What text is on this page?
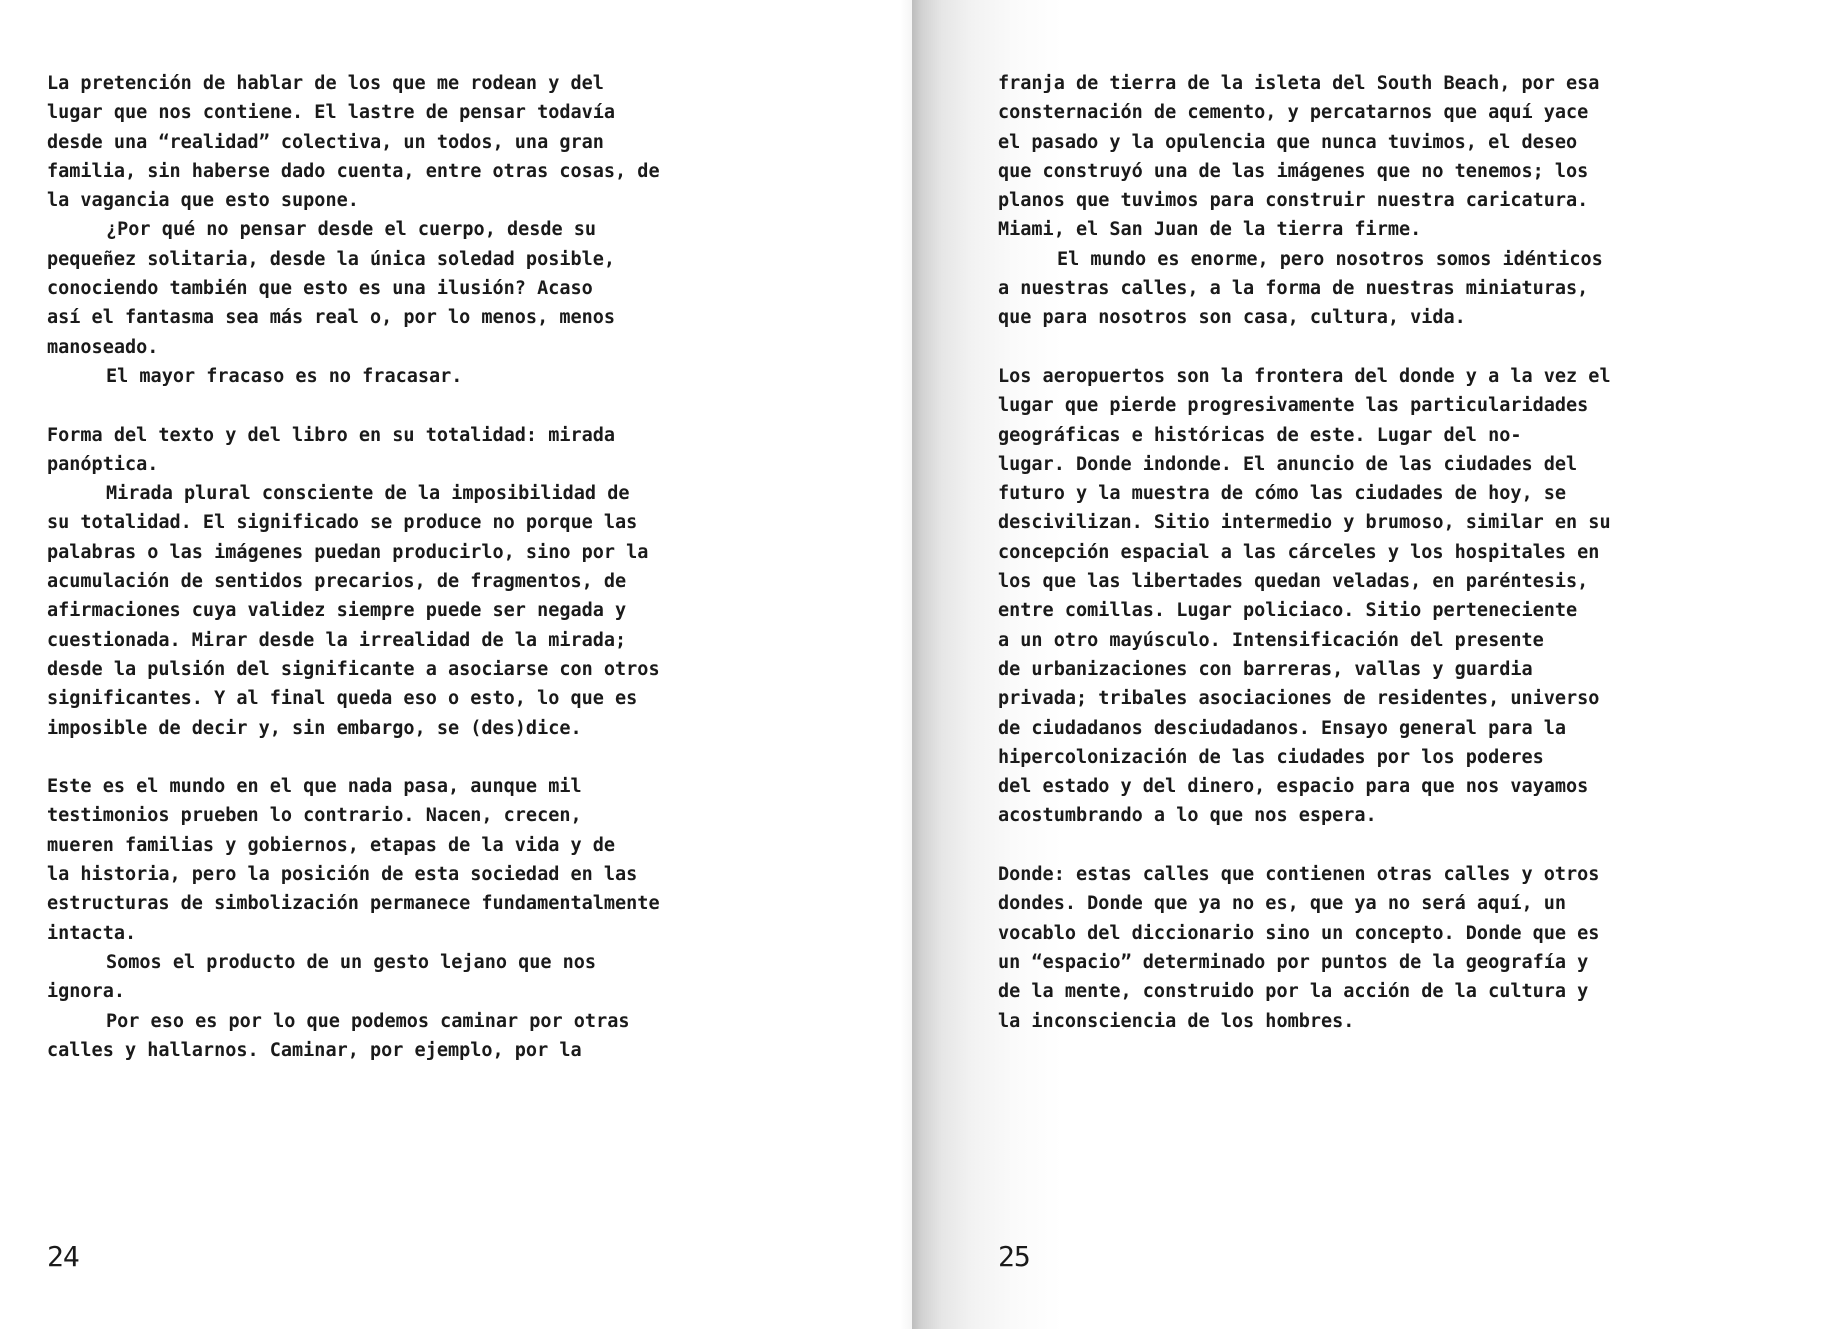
La pretención de hablar de los que me rodean y del
lugar que nos contiene. El lastre de pensar todavía
desde una “realidad” colectiva, un todos, una gran
familia, sin haberse dado cuenta, entre otras cosas, de
la vagancia que esto supone.
¿Por qué no pensar desde el cuerpo, desde su
pequeñez solitaria, desde la única soledad posible,
conociendo también que esto es una ilusión? Acaso
así el fantasma sea más real o, por lo menos, menos
manoseado.
El mayor fracaso es no fracasar.
Forma del texto y del libro en su totalidad: mirada
panóptica.
Mirada plural consciente de la imposibilidad de
su totalidad. El significado se produce no porque las
palabras o las imágenes puedan producirlo, sino por la
acumulación de sentidos precarios, de fragmentos, de
afirmaciones cuya validez siempre puede ser negada y
cuestionada. Mirar desde la irrealidad de la mirada;
desde la pulsión del significante a asociarse con otros
significantes. Y al final queda eso o esto, lo que es
imposible de decir y, sin embargo, se (des)dice.
Este es el mundo en el que nada pasa, aunque mil
testimonios prueben lo contrario. Nacen, crecen,
mueren familias y gobiernos, etapas de la vida y de
la historia, pero la posición de esta sociedad en las
estructuras de simbolización permanece fundamentalmente
intacta.
Somos el producto de un gesto lejano que nos
ignora.
Por eso es por lo que podemos caminar por otras
calles y hallarnos. Caminar, por ejemplo, por la
24
franja de tierra de la isleta del South Beach, por esa
consternación de cemento, y percatarnos que aquí yace
el pasado y la opulencia que nunca tuvimos, el deseo
que construyó una de las imágenes que no tenemos; los
planos que tuvimos para construir nuestra caricatura.
Miami, el San Juan de la tierra firme.
El mundo es enorme, pero nosotros somos idénticos
a nuestras calles, a la forma de nuestras miniaturas,
que para nosotros son casa, cultura, vida.
Los aeropuertos son la frontera del donde y a la vez el
lugar que pierde progresivamente las particularidades
geográficas e históricas de este. Lugar del no-
lugar. Donde indonde. El anuncio de las ciudades del
futuro y la muestra de cómo las ciudades de hoy, se
descivilizan. Sitio intermedio y brumoso, similar en su
concepción espacial a las cárceles y los hospitales en
los que las libertades quedan veladas, en paréntesis,
entre comillas. Lugar policiaco. Sitio perteneciente
a un otro mayúsculo. Intensificación del presente
de urbanizaciones con barreras, vallas y guardia
privada; tribales asociaciones de residentes, universo
de ciudadanos desciudadanos. Ensayo general para la
hipercolonización de las ciudades por los poderes
del estado y del dinero, espacio para que nos vayamos
acostumbrando a lo que nos espera.
Donde: estas calles que contienen otras calles y otros
dondes. Donde que ya no es, que ya no será aquí, un
vocablo del diccionario sino un concepto. Donde que es
un “espacio” determinado por puntos de la geografía y
de la mente, construido por la acción de la cultura y
la inconsciencia de los hombres.
25
